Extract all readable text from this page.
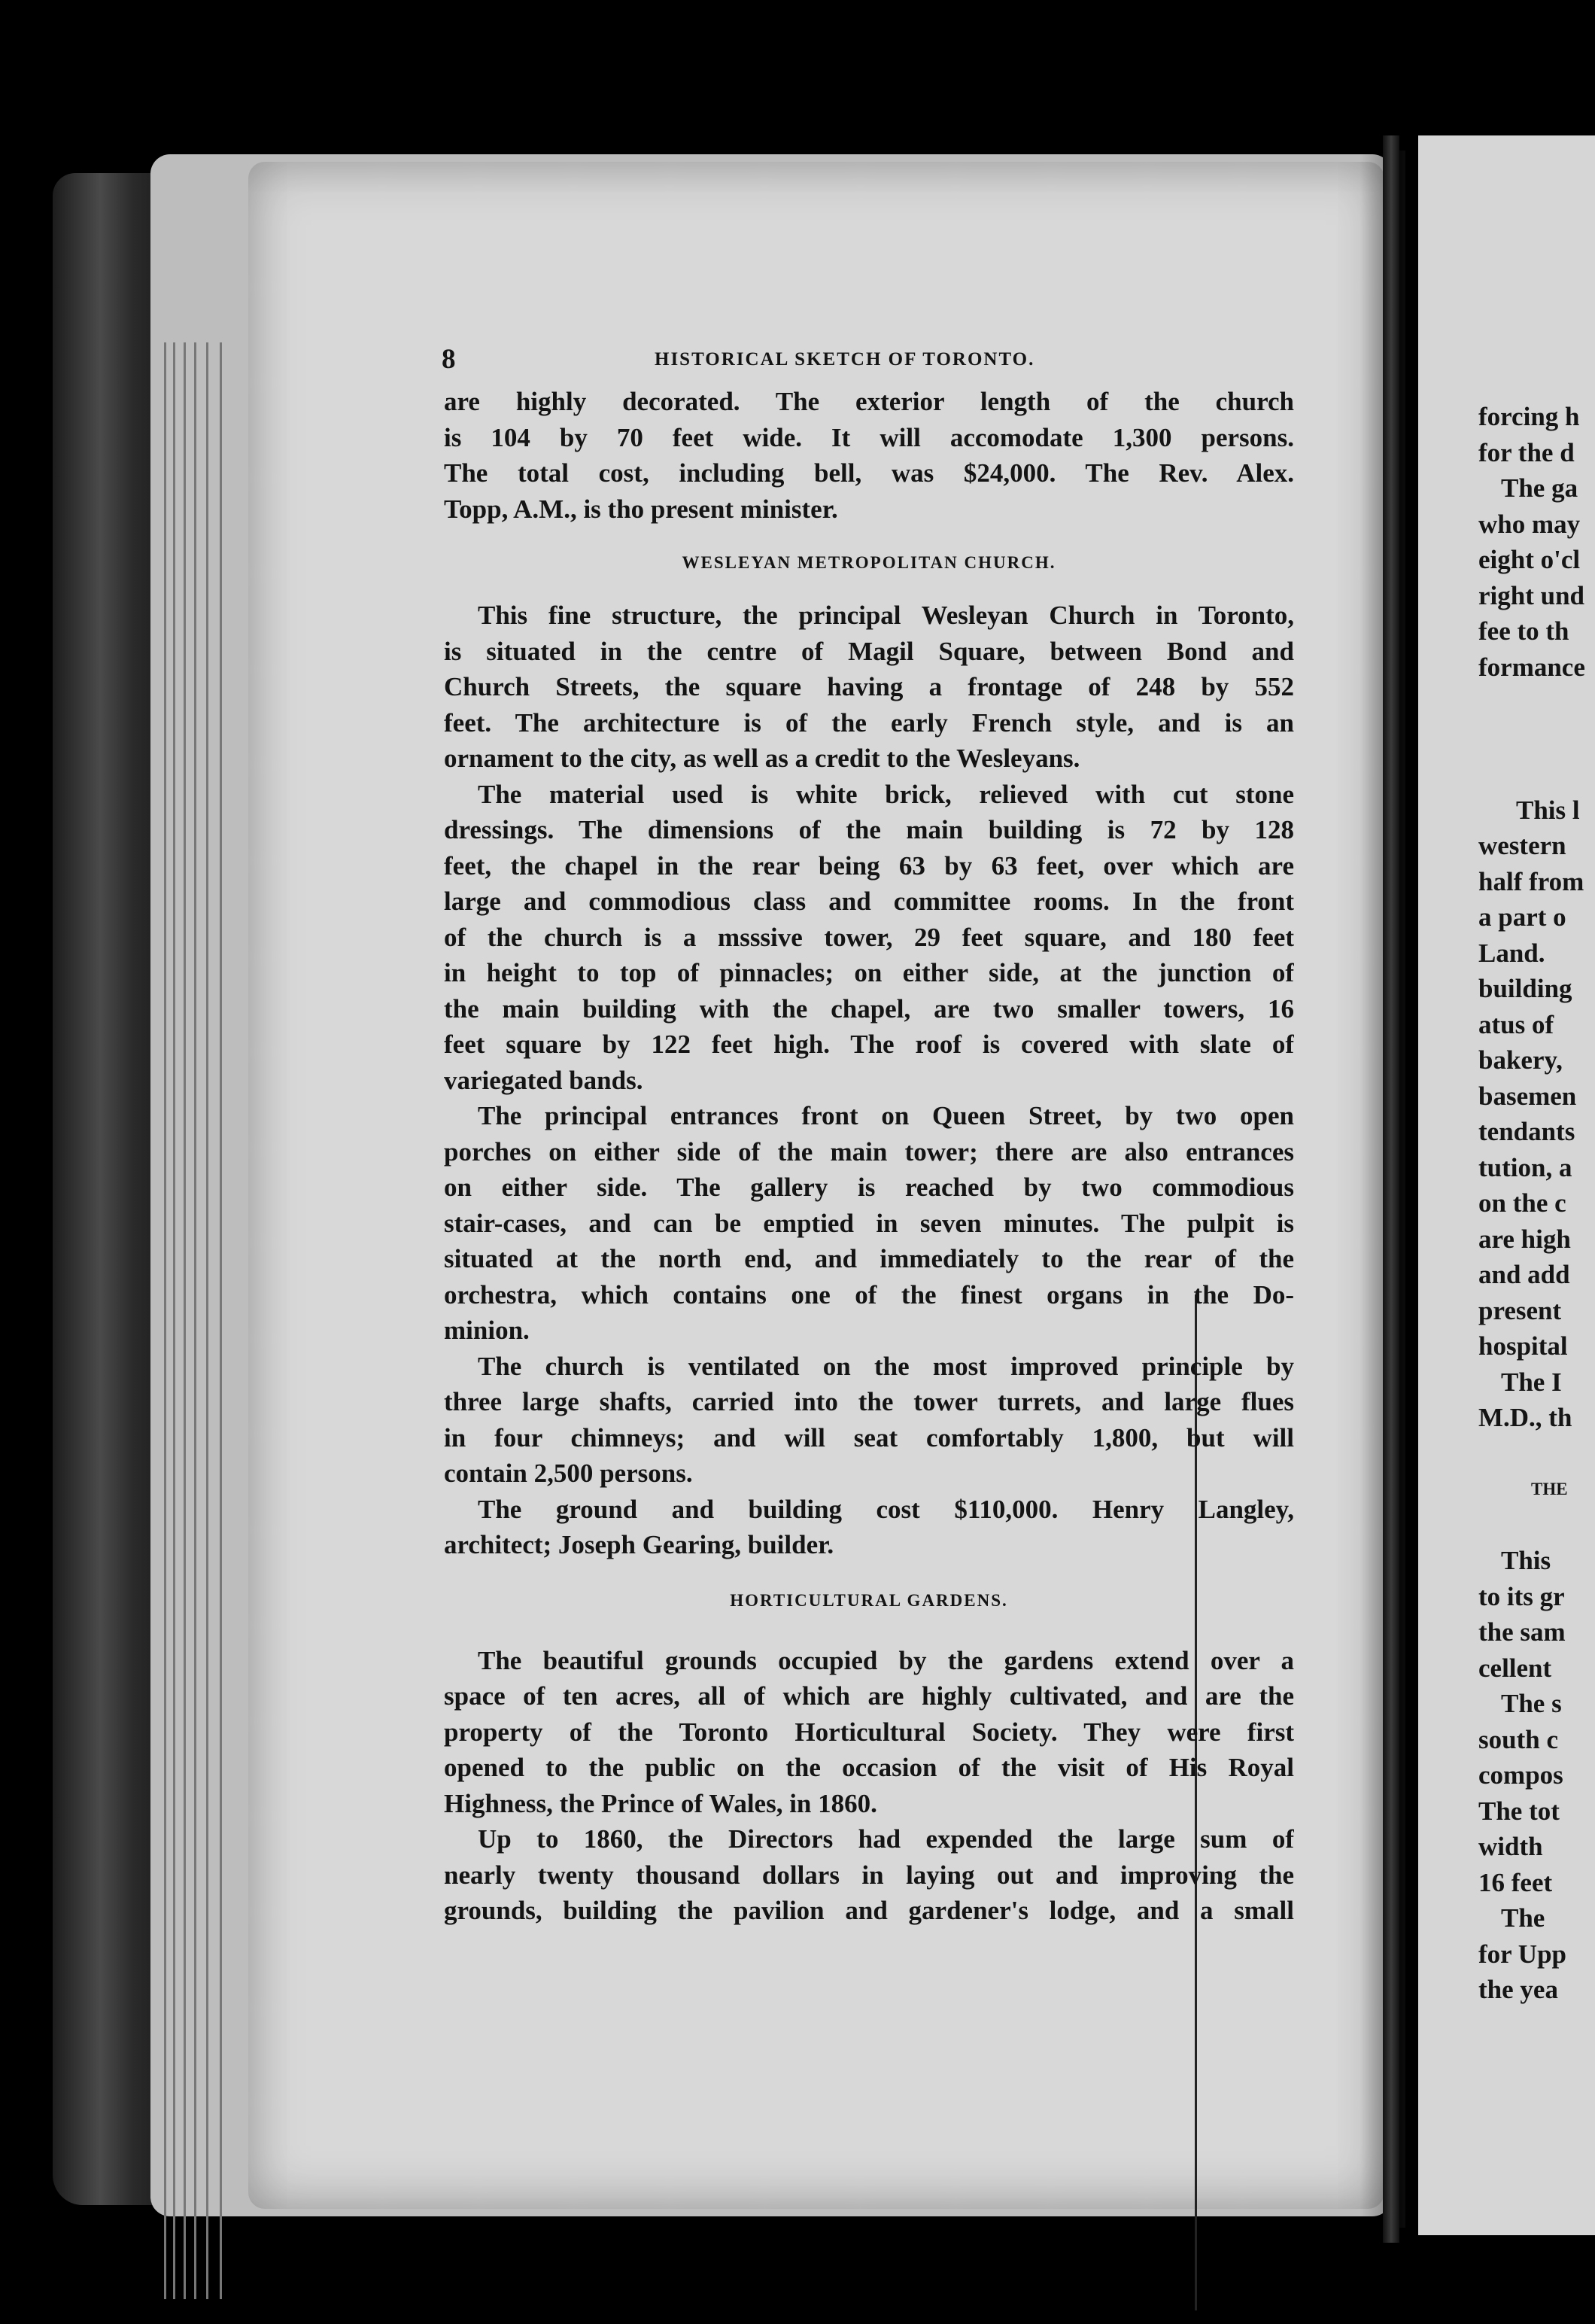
8	HISTORICAL SKETCH OF TORONTO.
are highly decorated. The exterior length of the church
is 104 by 70 feet wide. It will accomodate 1,300 persons.
The total cost, including bell, was $24,000. The Rev. Alex.
Topp, A.M., is tho present minister.
WESLEYAN METROPOLITAN CHURCH.
This fine structure, the principal Wesleyan Church in Toronto,
is situated in the centre of Magil Square, between Bond and
Church Streets, the square having a frontage of 248 by 552
feet. The architecture is of the early French style, and is an
ornament to the city, as well as a credit to the Wesleyans.
The material used is white brick, relieved with cut stone
dressings. The dimensions of the main building is 72 by 128
feet, the chapel in the rear being 63 by 63 feet, over which are
large and commodious class and committee rooms. In the front
of the church is a msssive tower, 29 feet square, and 180 feet
in height to top of pinnacles; on either side, at the junction of
the main building with the chapel, are two smaller towers, 16
feet square by 122 feet high. The roof is covered with slate of
variegated bands.
The principal entrances front on Queen Street, by two open
porches on either side of the main tower; there are also entrances
on either side. The gallery is reached by two commodious
stair-cases, and can be emptied in seven minutes. The pulpit is
situated at the north end, and immediately to the rear of the
orchestra, which contains one of the finest organs in the Do-
minion.
The church is ventilated on the most improved principle by
three large shafts, carried into the tower turrets, and large flues
in four chimneys; and will seat comfortably 1,800, but will
contain 2,500 persons.
The ground and building cost $110,000. Henry Langley,
architect; Joseph Gearing, builder.
HORTICULTURAL GARDENS.
The beautiful grounds occupied by the gardens extend over a
space of ten acres, all of which are highly cultivated, and are the
property of the Toronto Horticultural Society. They were first
opened to the public on the occasion of the visit of His Royal
Highness, the Prince of Wales, in 1860.
Up to 1860, the Directors had expended the large sum of
nearly twenty thousand dollars in laying out and improving the
grounds, building the pavilion and gardener's lodge, and a small
forcing h
for the d
The ga
who may
eight o'cl
right und
fee to th
formance
This l
western
half from
a part o
Land.
building
atus of
bakery,
basemen
tendants
tution, a
on the c
are high
and add
present
hospital
The I
M.D., th
THE
This
to its gr
the sam
cellent
The s
south c
compos
The tot
width
16 feet
The
for Upp
the yea
